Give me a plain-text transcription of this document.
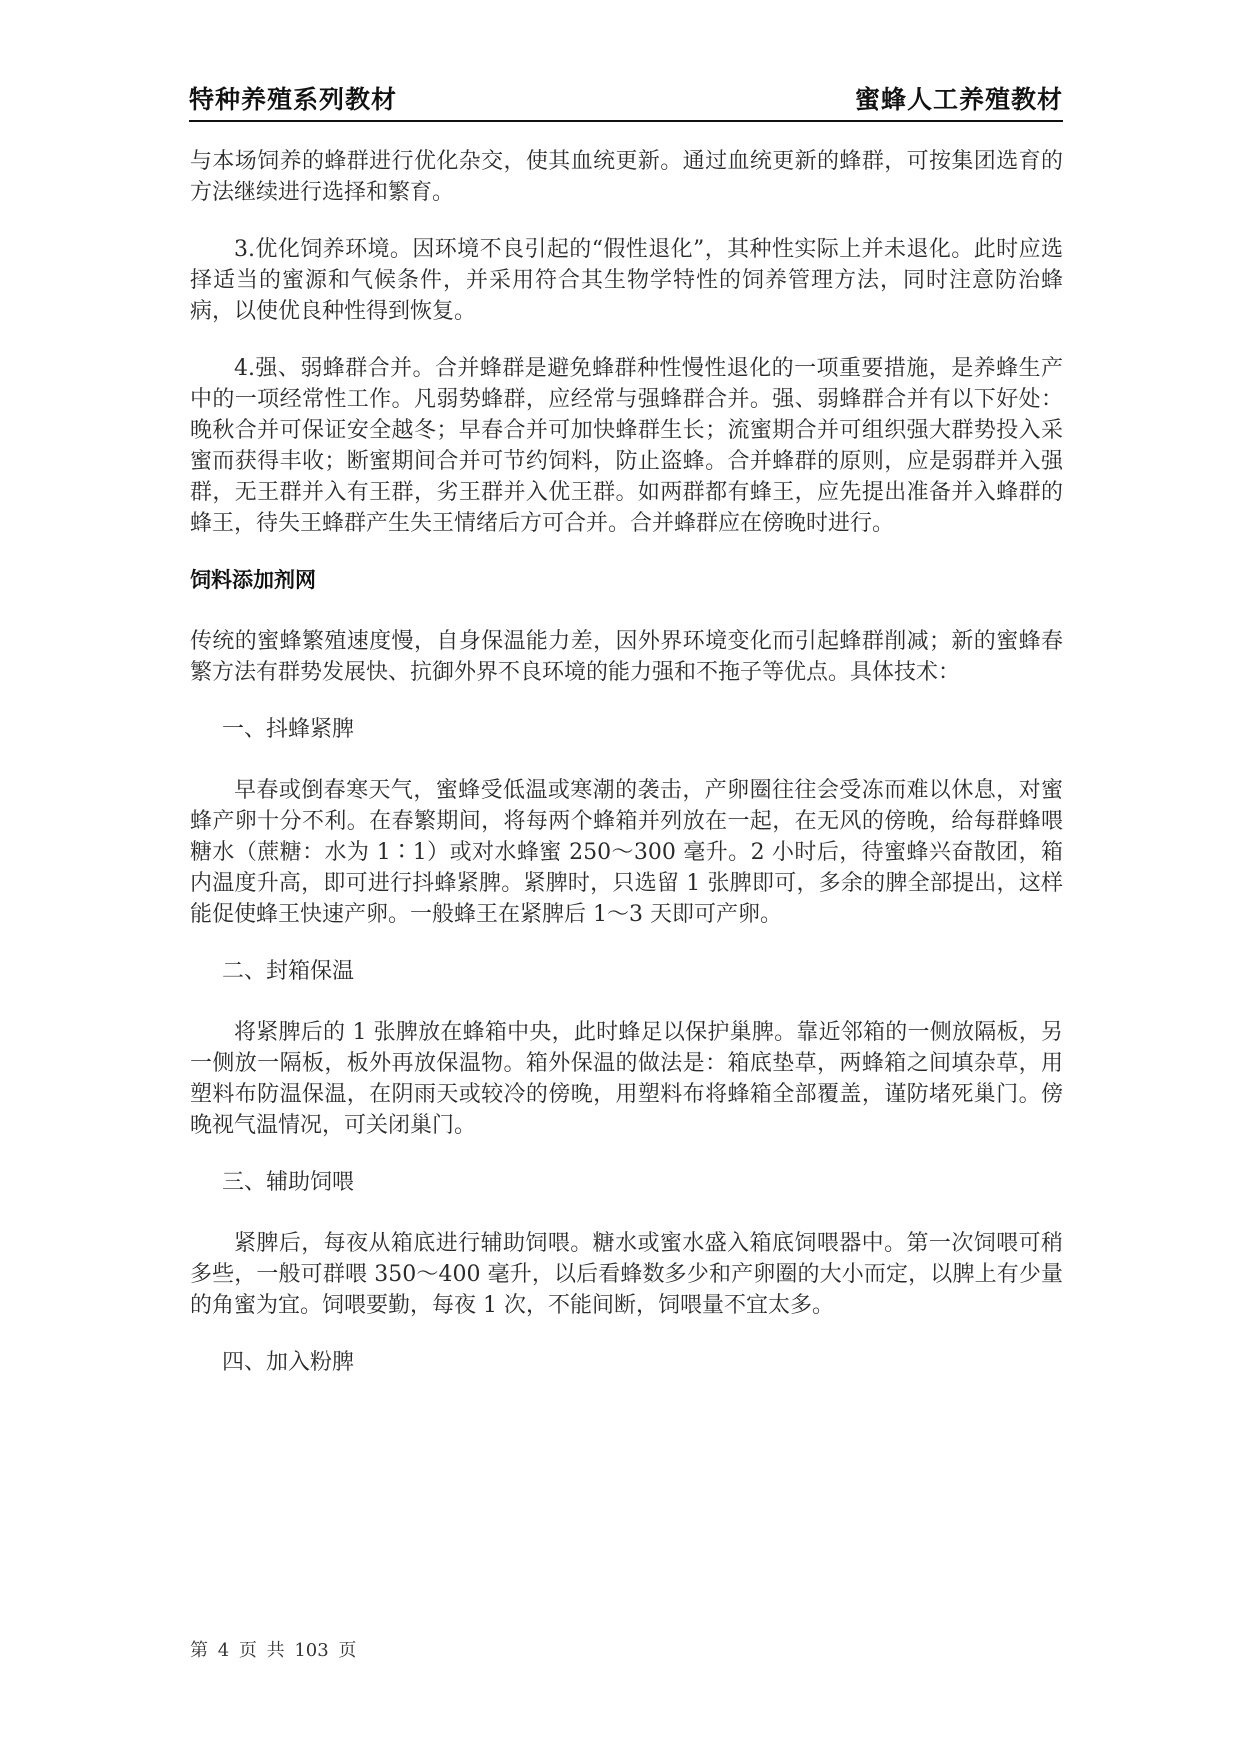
特种养殖系列教材	蜜蜂人工养殖教材

与本场饲养的蜂群进行优化杂交，使其血统更新。通过血统更新的蜂群，可按集团选育的方法继续进行选择和繁育。

3.优化饲养环境。因环境不良引起的“假性退化”，其种性实际上并未退化。此时应选择适当的蜜源和气候条件，并采用符合其生物学特性的饲养管理方法，同时注意防治蜂病，以使优良种性得到恢复。

4.强、弱蜂群合并。合并蜂群是避免蜂群种性慢性退化的一项重要措施，是养蜂生产中的一项经常性工作。凡弱势蜂群，应经常与强蜂群合并。强、弱蜂群合并有以下好处：晚秋合并可保证安全越冬；早春合并可加快蜂群生长；流蜜期合并可组织强大群势投入采蜜而获得丰收；断蜜期间合并可节约饲料，防止盗蜂。合并蜂群的原则，应是弱群并入强群，无王群并入有王群，劣王群并入优王群。如两群都有蜂王，应先提出准备并入蜂群的蜂王，待失王蜂群产生失王情绪后方可合并。合并蜂群应在傍晚时进行。

饲料添加剂网

传统的蜜蜂繁殖速度慢，自身保温能力差，因外界环境变化而引起蜂群削减；新的蜜蜂春繁方法有群势发展快、抗御外界不良环境的能力强和不拖子等优点。具体技术：

一、抖蜂紧脾

早春或倒春寒天气，蜜蜂受低温或寒潮的袭击，产卵圈往往会受冻而难以休息，对蜜蜂产卵十分不利。在春繁期间，将每两个蜂箱并列放在一起，在无风的傍晚，给每群蜂喂糖水（蔗糖：水为 1∶1）或对水蜂蜜 250～300 毫升。2 小时后，待蜜蜂兴奋散团，箱内温度升高，即可进行抖蜂紧脾。紧脾时，只选留 1 张脾即可，多余的脾全部提出，这样能促使蜂王快速产卵。一般蜂王在紧脾后 1～3 天即可产卵。

二、封箱保温

将紧脾后的 1 张脾放在蜂箱中央，此时蜂足以保护巢脾。靠近邻箱的一侧放隔板，另一侧放一隔板，板外再放保温物。箱外保温的做法是：箱底垫草，两蜂箱之间填杂草，用塑料布防温保温，在阴雨天或较冷的傍晚，用塑料布将蜂箱全部覆盖，谨防堵死巢门。傍晚视气温情况，可关闭巢门。

三、辅助饲喂

紧脾后，每夜从箱底进行辅助饲喂。糖水或蜜水盛入箱底饲喂器中。第一次饲喂可稍多些，一般可群喂 350～400 毫升，以后看蜂数多少和产卵圈的大小而定，以脾上有少量的角蜜为宜。饲喂要勤，每夜 1 次，不能间断，饲喂量不宜太多。

四、加入粉脾

第 4 页 共 103 页
